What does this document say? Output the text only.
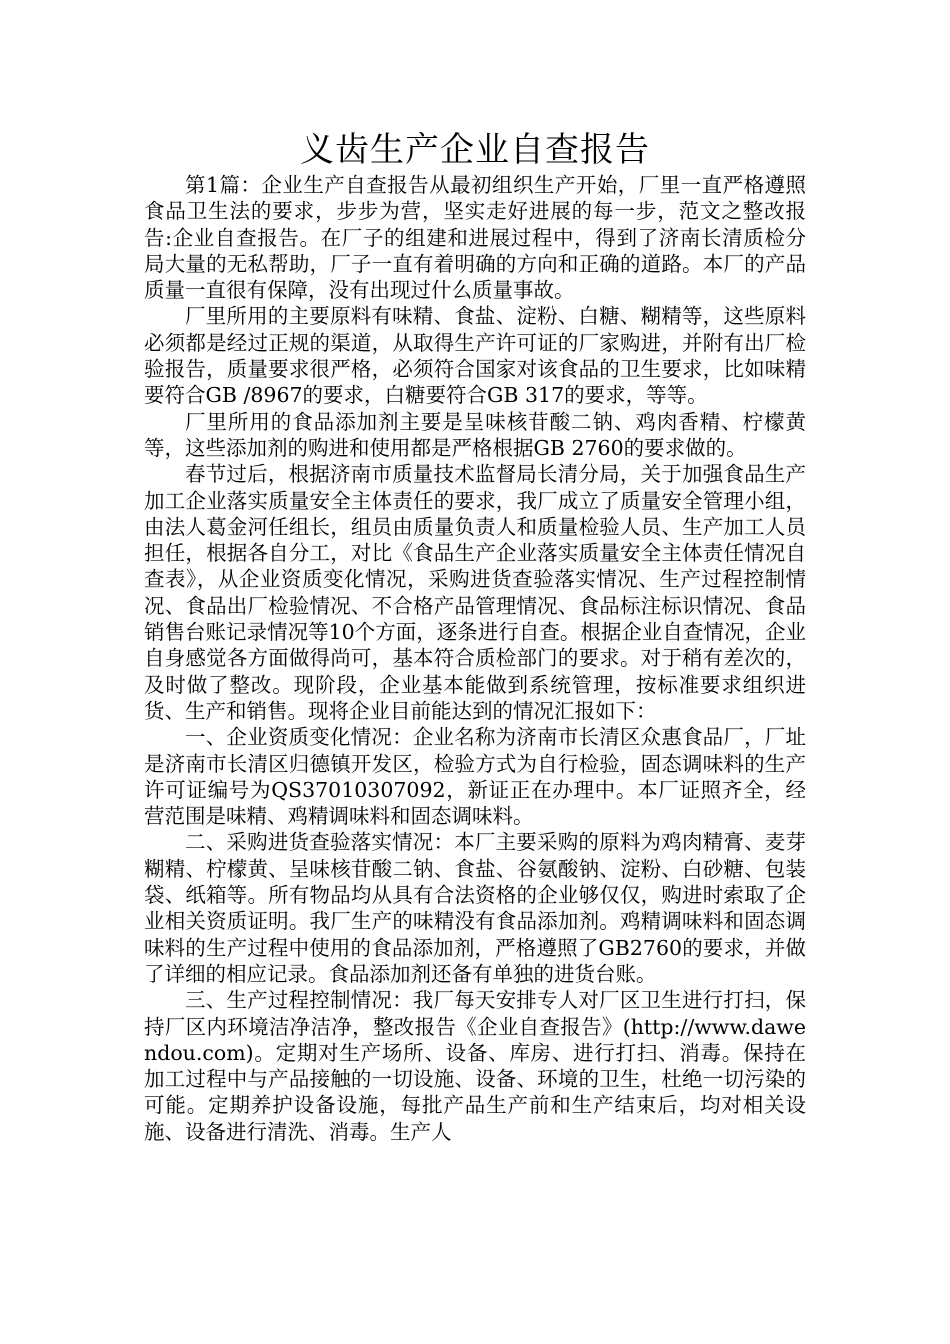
义齿生产企业自查报告

第1篇：企业生产自查报告从最初组织生产开始，厂里一直严格遵照食品卫生法的要求，步步为营，坚实走好进展的每一步，范文之整改报告:企业自查报告。在厂子的组建和进展过程中，得到了济南长清质检分局大量的无私帮助，厂子一直有着明确的方向和正确的道路。本厂的产品质量一直很有保障，没有出现过什么质量事故。

厂里所用的主要原料有味精、食盐、淀粉、白糖、糊精等，这些原料必须都是经过正规的渠道，从取得生产许可证的厂家购进，并附有出厂检验报告，质量要求很严格，必须符合国家对该食品的卫生要求，比如味精要符合GB /8967的要求，白糖要符合GB 317的要求，等等。

厂里所用的食品添加剂主要是呈味核苷酸二钠、鸡肉香精、柠檬黄等，这些添加剂的购进和使用都是严格根据GB 2760的要求做的。

春节过后，根据济南市质量技术监督局长清分局，关于加强食品生产加工企业落实质量安全主体责任的要求，我厂成立了质量安全管理小组，由法人葛金河任组长，组员由质量负责人和质量检验人员、生产加工人员担任，根据各自分工，对比《食品生产企业落实质量安全主体责任情况自查表》，从企业资质变化情况，采购进货查验落实情况、生产过程控制情况、食品出厂检验情况、不合格产品管理情况、食品标注标识情况、食品销售台账记录情况等10个方面，逐条进行自查。根据企业自查情况，企业自身感觉各方面做得尚可，基本符合质检部门的要求。对于稍有差次的，及时做了整改。现阶段，企业基本能做到系统管理，按标准要求组织进货、生产和销售。现将企业目前能达到的情况汇报如下：

一、企业资质变化情况：企业名称为济南市长清区众惠食品厂，厂址是济南市长清区归德镇开发区，检验方式为自行检验，固态调味料的生产许可证编号为QS37010307092，新证正在办理中。本厂证照齐全，经营范围是味精、鸡精调味料和固态调味料。

二、采购进货查验落实情况：本厂主要采购的原料为鸡肉精膏、麦芽糊精、柠檬黄、呈味核苷酸二钠、食盐、谷氨酸钠、淀粉、白砂糖、包装袋、纸箱等。所有物品均从具有合法资格的企业够仅仅，购进时索取了企业相关资质证明。我厂生产的味精没有食品添加剂。鸡精调味料和固态调味料的生产过程中使用的食品添加剂，严格遵照了GB2760的要求，并做了详细的相应记录。食品添加剂还备有单独的进货台账。

三、生产过程控制情况：我厂每天安排专人对厂区卫生进行打扫，保持厂区内环境洁净洁净，整改报告《企业自查报告》(http://www.dawendou.com)。定期对生产场所、设备、库房、进行打扫、消毒。保持在加工过程中与产品接触的一切设施、设备、环境的卫生，杜绝一切污染的可能。定期养护设备设施，每批产品生产前和生产结束后，均对相关设施、设备进行清洗、消毒。生产人
